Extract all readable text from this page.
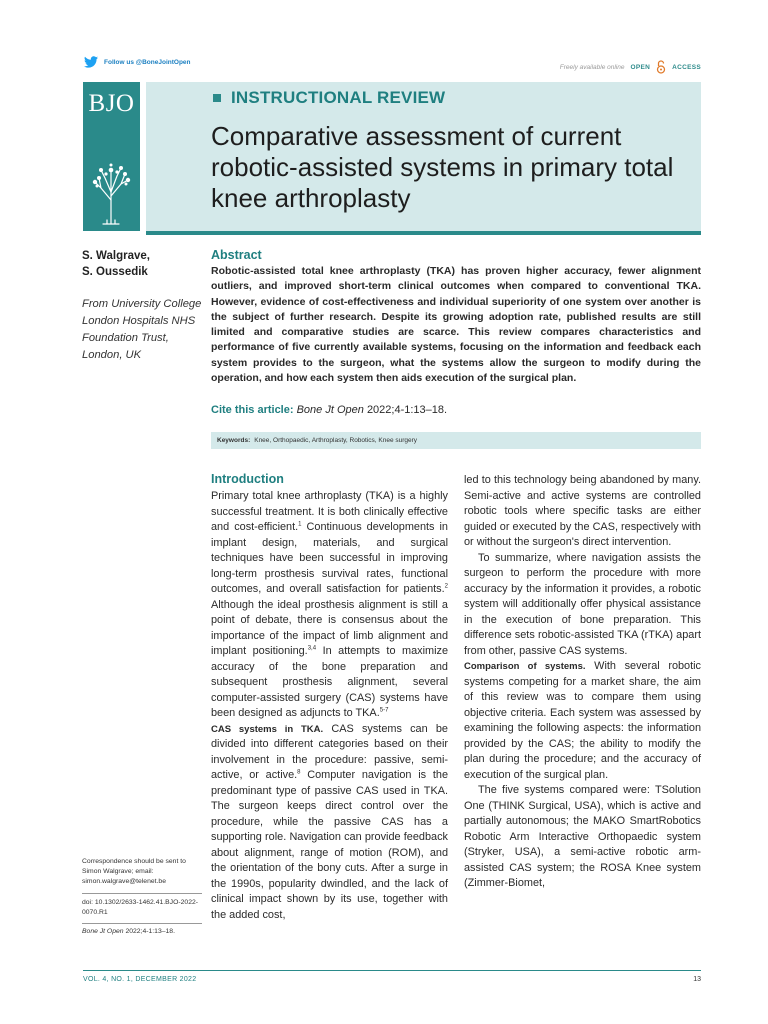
Follow us @BoneJointOpen
Freely available online OPEN	ACCESS
BJO	INSTRUCTIONAL REVIEW
Comparative assessment of current robotic-assisted systems in primary total knee arthroplasty
S. Walgrave,
S. Oussedik
From University College London Hospitals NHS Foundation Trust, London, UK
Abstract
Robotic-assisted total knee arthroplasty (TKA) has proven higher accuracy, fewer alignment outliers, and improved short-term clinical outcomes when compared to conventional TKA. However, evidence of cost-effectiveness and individual superiority of one system over another is the subject of further research. Despite its growing adoption rate, published results are still limited and comparative studies are scarce. This review compares characteristics and performance of five currently available systems, focusing on the information and feedback each system provides to the surgeon, what the systems allow the surgeon to modify during the operation, and how each system then aids execution of the surgical plan.
Cite this article: Bone Jt Open 2022;4-1:13–18.
Keywords: Knee, Orthopaedic, Arthroplasty, Robotics, Knee surgery
Introduction

Primary total knee arthroplasty (TKA) is a highly successful treatment. It is both clinically effective and cost-efficient.$^1$ Continuous developments in implant design, materials, and surgical techniques have been successful in improving long-term prosthesis survival rates, functional outcomes, and overall satisfaction for patients.$^2$ Although the ideal prosthesis alignment is still a point of debate, there is consensus about the importance of the impact of limb alignment and implant positioning.$^{3,4}$ In attempts to maximize accuracy of the bone preparation and subsequent prosthesis alignment, several computer-assisted surgery (CAS) systems have been designed as adjuncts to TKA.$^{5-7}$

CAS systems in TKA. CAS systems can be divided into different categories based on their involvement in the procedure: passive, semi-active, or active.$^8$ Computer navigation is the predominant type of passive CAS used in TKA. The surgeon keeps direct control over the procedure, while the passive CAS has a supporting role. Navigation can provide feedback about alignment, range of motion (ROM), and the orientation of the bony cuts. After a surge in the 1990s, popularity dwindled, and the lack of clinical impact shown by its use, together with the added cost,

led to this technology being abandoned by many. Semi-active and active systems are controlled robotic tools where specific tasks are either guided or executed by the CAS, respectively with or without the surgeon's direct intervention.

To summarize, where navigation assists the surgeon to perform the procedure with more accuracy by the information it provides, a robotic system will additionally offer physical assistance in the execution of bone preparation. This difference sets robotic-assisted TKA (rTKA) apart from other, passive CAS systems.

Comparison of systems. With several robotic systems competing for a market share, the aim of this review was to compare them using objective criteria. Each system was assessed by examining the following aspects: the information provided by the CAS; the ability to modify the plan during the procedure; and the accuracy of execution of the surgical plan.

The five systems compared were: TSolution One (THINK Surgical, USA), which is active and partially autonomous; the MAKO SmartRobotics Robotic Arm Interactive Orthopaedic system (Stryker, USA), a semi-active robotic arm-assisted CAS system; the ROSA Knee system (Zimmer-Biomet,

Correspondence should be sent to Simon Walgrave; email:
simon.walgrave@telenet.be
doi: 10.1302/2633-1462.41.BJO-2022-0070.R1
Bone Jt Open 2022;4-1:13–18.
VOL. 4, NO. 1, DECEMBER 2022	13
